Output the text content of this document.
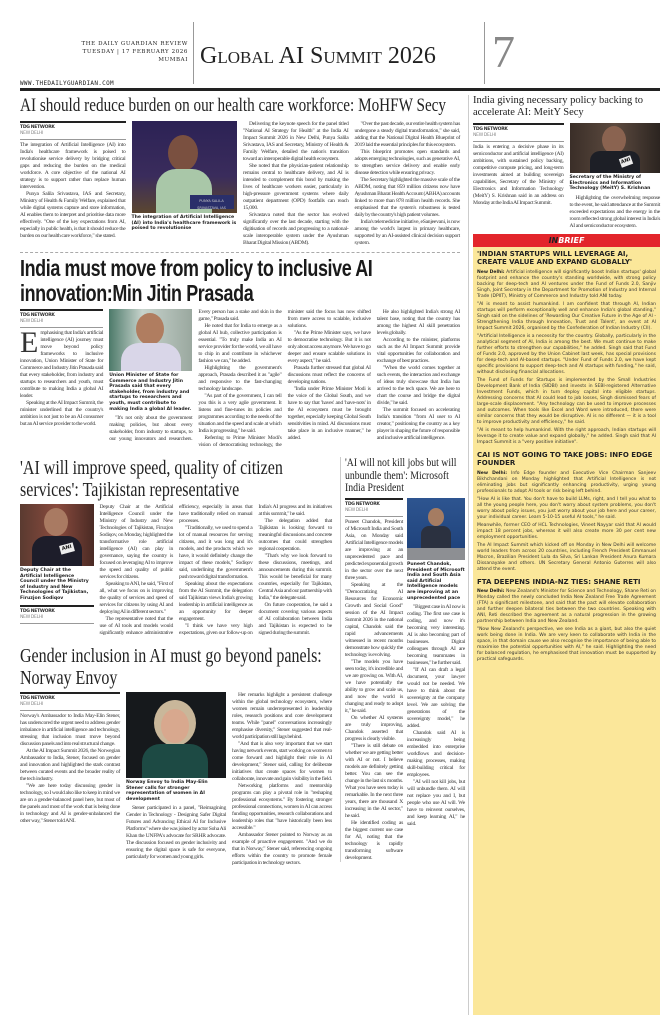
THE DAILY GUARDIAN REVIEW
TUESDAY | 17 FEBRUARY 2026
MUMBAI
WWW.THEDAILYGUARDIAN.COM
Global AI Summit 2026	7
AI should reduce burden on our health care workforce: MoHFW Secy
TDG NETWORK
NEW DELHI

The integration of Artificial Intelligence (AI) into India's healthcare framework is poised to revolutionise service delivery by bridging critical gaps and reducing the burden on the medical workforce. A core objective of the national AI strategy is to support rather than replace human intervention.

Punya Salila Srivastava, IAS and Secretary, Ministry of Health & Family Welfare, explained that while digital systems capture and store information, AI enables them to interpret and prioritise data more effectively. "One of the key expectations from AI, especially in public health, is that it should reduce the burden on our health care workforce," she stated.

PUNYA SALILA SRIVASTAVA, IAS
The integration of Artificial Intelligence (AI) into India's healthcare framework is poised to revolutionise

Delivering the keynote speech for the panel titled "National AI Strategy for Health" at the India AI Impact Summit 2026 in New Delhi, Punya Salila Srivastava, IAS and Secretary, Ministry of Health & Family Welfare, detailed the nation's transition toward an interoperable digital health ecosystem.

She noted that the physician-patient relationship remains central to healthcare delivery, and AI is intended to complement this bond by making the lives of healthcare workers easier, particularly in high-pressure government systems where daily outpatient department (OPD) footfalls can reach 15,000.

Srivastava noted that the sector has evolved significantly over the last decade, starting with the digitisation of records and progressing to a national-scale interoperable system under the Ayushman Bharat Digital Mission (ABDM).

"Over the past decade, our entire health system has undergone a steady digital transformation," she said, adding that the National Digital Health Blueprint of 2019 laid the essential principles for this ecosystem.

This blueprint promotes open standards and adopts emerging technologies, such as generative AI, to strengthen service delivery and enable early disease detection while ensuring privacy.

The Secretary highlighted the massive scale of the ABDM, noting that 859 million citizens now have Ayushman Bharat Health Account (ABHA) accounts linked to more than 878 million health records. She emphasised that the system's robustness is tested daily by the country's high patient volumes.

India's telemedicine initiative, eSanjeevani, is now among the world's largest in primary healthcare, supported by an AI-assisted clinical decision support system.

India must move from policy to inclusive AI innovation:Min Jitin Prasada
TDG NETWORK
NEW DELHI

Emphasising that India's artificial intelligence (AI) journey must move beyond policy frameworks to inclusive innovation, Union Minister of State for Commerce and Industry Jitin Prasada said that every stakeholder, from industry and startups to researchers and youth, must contribute to making India a global AI leader.

Speaking at the AI Impact Summit, the minister underlined that the country's ambition is not just to be an AI consumer but an AI service provider to the world.

Union Minister of State for Commerce and Industry Jitin Prasada said that every stakeholder, from industry and startups to researchers and youth, must contribute to making India a global AI leader.

"It's not only about the government making policies, but about every stakeholder, from industry to startups, to our young innovators and researchers. Every person has a stake and skin in the game," Prasada said.

He noted that for India to emerge as a global AI hub, collective participation is essential. "To truly make India an AI service provider for the world, we all have to chip in and contribute in whichever fashion we can," he added.

Highlighting the government's approach, Prasada described it as "agile" and responsive to the fast-changing technology landscape.

"As part of the government, I can tell you this is a very agile government. It listens and fine-tunes its policies and programmes according to the needs of the situation and the speed and scale at which India is progressing," he said.

Referring to Prime Minister Modi's vision of democratising technology, the minister said the focus has now shifted from mere access to scalable, inclusive solutions.

"As the Prime Minister says, we have to democratise technology. But it is not only about access anymore. We have to go deeper and ensure scalable solutions in every aspect," he said.

Prasada further stressed that global AI discussions must reflect the concerns of developing nations.

"India under Prime Minister Modi is the voice of the Global South, and we have to say that 'haves' and 'have-nots' in the AI ecosystem must be brought together, especially keeping Global South sensitivities in mind. AI discussions must take place in an inclusive manner," he added.

He also highlighted India's strong AI talent base, noting that the country has among the highest AI skill penetration levels globally.

According to the minister, platforms such as the AI Impact Summit provide vital opportunities for collaboration and exchange of best practices.

"When the world comes together at such events, the interaction and exchange of ideas truly showcase that India has arrived to the tech space. We are here to chart the course and bridge the digital divide," he said.

The summit focused on accelerating India's transition "from AI user to AI creator," positioning the country as a key player in shaping the future of responsible and inclusive artificial intelligence.

'AI will improve speed, quality of citizen services': Tajikistan representative
ANI
Deputy Chair at the Artificial Intelligence Council under the Ministry of Industry and New Technologies of Tajikistan, Firuzjon Sodiqov
TDG NETWORK
NEW DELHI

Deputy Chair at the Artificial Intelligence Council under the Ministry of Industry and New Technologies of Tajikistan, Firuzjon Sodiqov, on Monday, highlighted the transformative role artificial intelligence (AI) can play in governance, saying the country is focused on leveraging AI to improve the speed and quality of public services for citizens.

Speaking to ANI, he said, "First of all, what we focus on is improving the quality of services and speed of services for citizens by using AI and deploying AI in different sectors."

The representative noted that the use of AI tools and models would significantly enhance administrative efficiency, especially in areas that have traditionally relied on manual processes.

"Traditionally, we used to spend a lot of manual resources for serving citizens, and it was long and it's models, and the products which we have, it would definitely change the impact of these models," Sodiqov said, underlining the government's push toward digital transformation.

Speaking about the expectations from the AI Summit, the delegation said Tajikistan views India's growing leadership in artificial intelligence as an opportunity for deeper engagement.

"I think we have very high expectations, given our follow-up on India's AI progress and its initiatives at this summit," he said.

The delegation added that Tajikistan is looking forward to meaningful discussions and concrete outcomes that could strengthen regional cooperation.

"That's why we look forward to these discussions, meetings, and announcements during this summit. This would be beneficial for many countries, especially for Tajikistan, Central Asia and our partnership with India," the delegate said.

On future cooperation, he said a document covering various aspects of AI collaboration between India and Tajikistan is expected to be signed during the summit.

Gender inclusion in AI must go beyond panels: Norway Envoy
TDG NETWORK
NEW DELHI

Norway's Ambassador to India May-Elin Stener, has underscored the urgent need to address gender imbalance in artificial intelligence and technology, stressing that inclusion must move beyond discussion panels and into real structural change.

At the AI Impact Summit 2026, the Norwegian Ambassador to India, Stener, focused on gender and innovation and highlighted the stark contrast between curated events and the broader reality of the tech industry.

"We are here today discussing gender in technology, so I would also like to keep in mind we are on a gender-balanced panel here, but most of the panels and most of the work that is being done in technology and AI is gender-unbalanced the other way," Stener told ANI.

Norway Envoy to India May-Elin Stener calls for stronger representation of women in AI development

Stener participated in a panel, "Reimagining Gender in Technology - Designing Safer Digital Futures and Advancing Ethical AI for Inclusive Platforms" where she was joined by actor Soha Ali Khan the UNFPA's advocate for SRHR advocate. The discussion focused on gender inclusivity and ensuring the digital space is safe for everyone, particularly for women and young girls.

Her remarks highlight a persistent challenge within the global technology ecosystem, where women remain underrepresented in leadership roles, research positions and core development teams. While "panel" conversations increasingly emphasise diversity," Stener suggested that real-world participation still lags behind.

"And that is also very important that we start having network events, start working on women to come forward and highlight their role in AI development," Stener said, calling for deliberate initiatives that create spaces for women to collaborate, innovate and gain visibility in the field.

Networking platforms and mentorship programs can play a pivotal role in "reshaping professional ecosystems." By fostering stronger professional connections, women in AI can access funding opportunities, research collaborations and leadership roles that "have historically been less accessible."

Ambassador Stener pointed to Norway as an example of proactive engagement. "And we do that in Norway," Stener said, referencing ongoing efforts within the country to promote female participation in technology sectors.

'AI will not kill jobs but will unbundle them': Microsoft India President
TDG NETWORK
NEW DELHI

Puneet Chandok, President of Microsoft India and South Asia, on Monday said Artificial Intelligence models are improving at an unprecedented pace and predicted exponential growth in the sector over the next three years.

Speaking at the "Democratizing AI Resources for Economic Growth and Social Good" session of the AI Impact Summit 2026 in the national capital, Chandok said the rapid advancements witnessed in recent months demonstrate how quickly the technology is evolving.

"The models you have seen today, it's incredible and we are growing on. With AI, we have potentially the ability to grow and scale us, and now the world is changing and ready to adopt it," he said.

On whether AI systems are truly improving, Chandok asserted that progress is clearly visible.

"There is still debate on whether we are getting better with AI or not. I believe models are definitely getting better. You can see the change in the last six months. What you have seen today is remarkable. In the next three years, there are thousand X increasing in the AI sector," he said.

He identified coding as the biggest current use case for AI, noting that the technology is rapidly transforming software development.

Puneet Chandok, President of Microsoft India and South Asia said Artificial Intelligence models are improving at an unprecedented pace

"Biggest case in AI now is coding. The first use case is coding, and now it's becoming very interesting. AI is also becoming part of businesses. Digital colleagues through AI are becoming teammates in businesses," he further said.

"If AI can draft a legal document, your lawyer would not be needed. We have to think about the sovereignty at the company level. We are solving the generations of the sovereignty model," he added.

Chandok said AI is increasingly being embedded into enterprise workflows and decision-making processes, making skill-building critical for employees.

"AI will not kill jobs, but will unbundle them. AI will not replace you and I, but people who use AI will. We have to reinvent ourselves, and keep learning AI," he said.

India giving necessary policy backing to accelerate AI: MeitY Secy
TDG NETWORK
NEW DELHI

India is entering a decisive phase in its semiconductor and artificial intelligence (AI) ambitions, with sustained policy backing, competitive compute pricing, and long-term investments aimed at building sovereign capabilities, Secretary of the Ministry of Electronics and Information Technology (MeitY) S. Krishnan said in an address on Monday at the India AI Impact Summit.

ANI
Secretary of the Ministry of Electronics and Information Technology (MeitY) S. Krishnan

Highlighting the overwhelming response to the event, he said attendance at the Summit exceeded expectations and the energy in the room reflected strong global interest in India's AI and semiconductor ecosystem.

INBRIEF
'INDIAN STARTUPS WILL LEVERAGE AI, CREATE VALUE AND EXPAND GLOBALLY'

New Delhi: Artificial intelligence will significantly boost Indian startups' global footprint and enhance the country's standing worldwide, with strong policy backing for deep-tech and AI ventures under the Fund of Funds 2.0, Sanjiv Singh, Joint Secretary in the Department for Promotion of Industry and Internal Trade (DPIIT), Ministry of Commerce and Industry told ANI today.

"AI is meant to assist humankind. I am confident that through AI, Indian startups will perform exceptionally well and enhance India's global standing," Singh said on the sidelines of 'Rewarding Our Creative Future in the Age of AI - Strengthening India through Innovation, Trust and Talent', an event at AI Impact Summit 2026, organised by the Confederation of Indian Industry (CII).

"Artificial Intelligence is a necessity for the country. Globally, particularly in the analytical segment of AI, India is among the best. We must continue to make further efforts to strengthen our capabilities," he added. Singh said that Fund of Funds 2.0, approved by the Union Cabinet last week, has special provisions for deep-tech and AI-based startups. "Under Fund of Funds 2.0, we have kept specific provisions to support deep-tech and AI startups with funding," he said, without disclosing financial allocations.

The Fund of Funds for Startups is implemented by the Small Industries Development Bank of India (SIDBI) and invests in SEBI-registered Alternative Investment Funds, which in turn deploy capital into eligible startups. Addressing concerns that AI could lead to job losses, Singh dismissed fears of large-scale displacement. "Any technology can be used to improve processes and outcomes. When tools like Excel and Word were introduced, there were similar concerns that they would be disruptive. AI is no different — it is a tool to improve productivity and efficiency," he said.

"AI is meant to help humankind. With the right approach, Indian startups will leverage it to create value and expand globally," he added. Singh said that AI Impact Summit is a "very positive initiative".

CAI IS NOT GOING TO TAKE JOBS: INFO EDGE FOUNDER

New Delhi: Info Edge founder and Executive Vice Chairman Sanjeev Bikhchandani on Monday highlighted that Artificial Intelligence is not eliminating jobs but significantly enhancing productivity, urging young professionals to adopt AI tools or risk being left behind.

"How AI is like that. You don't have to build LLMs, right, and I tell you what to all the young people here, you don't worry about system problems, you don't worry about policy issues, you just worry about your job here and your career, your individual career. Learn 5-10-15 useful AI tools," he said.

Meanwhile, former CEO of HCL Technologies, Vineet Nayyar said that AI would impact 18 percent jobs, whereas it will also create more 30 per cent new employment opportunities.

The AI Impact Summit which kicked off on Monday in New Delhi will welcome world leaders from across 20 countries, including French President Emmanuel Macron, Brazilian President Lula da Silva, Sri Lankan President Anura Kumara Dissanayake and others. UN Secretary General Antonio Guterres will also attend the event.

FTA DEEPENS INDIA-NZ TIES: SHANE RETI

New Delhi: New Zealand's Minister for Science and Technology, Shane Reti on Monday called the newly concluded India New Zealand Free Trade Agreement (FTA) a significant milestone, and said that the pact will elevate collaboration and further deepen bilateral ties between the two countries. Speaking with ANI, Reti described the agreement as a natural progression in the growing partnership between India and New Zealand.

"Now New Zealand's perspective, we see India as a giant, but also the quiet work being done in India. We are very keen to collaborate with India in the space, in that domain cause we also recognise the importance of being able to maximise the potential opportunities with AI," he said. Highlighting the need for balanced regulation, he emphasised that innovation must be supported by practical safeguards.
